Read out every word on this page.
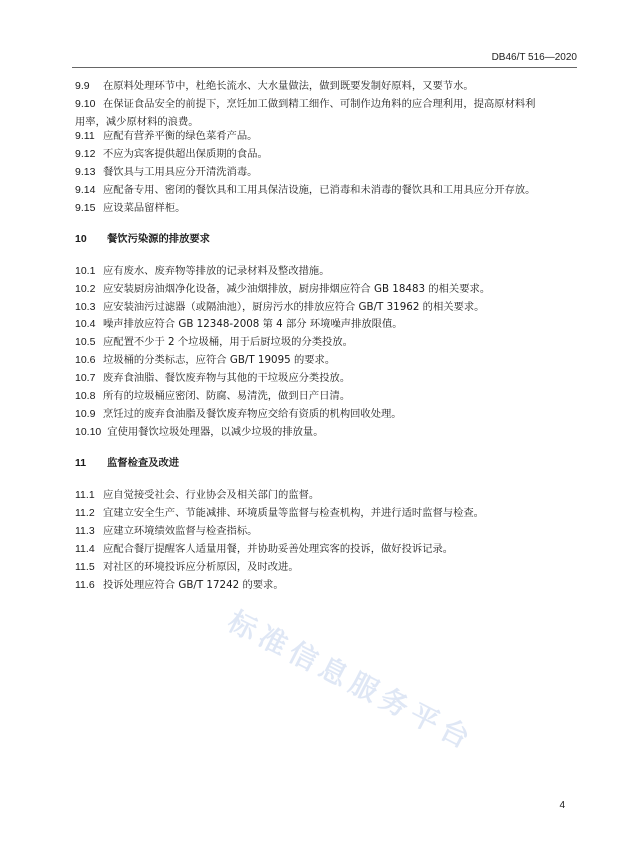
DB46/T 516—2020
9.9 在原料处理环节中，杜绝长流水、大水量做法，做到既要发制好原料，又要节水。
9.10 在保证食品安全的前提下，烹饪加工做到精工细作、可制作边角料的应合理利用，提高原材料利
用率，减少原材料的浪费。
9.11 应配有营养平衡的绿色菜肴产品。
9.12 不应为宾客提供超出保质期的食品。
9.13 餐饮具与工用具应分开清洗消毒。
9.14 应配备专用、密闭的餐饮具和工用具保洁设施，已消毒和未消毒的餐饮具和工用具应分开存放。
9.15 应设菜品留样柜。
10 餐饮污染源的排放要求
10.1 应有废水、废弃物等排放的记录材料及整改措施。
10.2 应安装厨房油烟净化设备，减少油烟排放，厨房排烟应符合 GB 18483 的相关要求。
10.3 应安装油污过滤器（或隔油池），厨房污水的排放应符合 GB/T 31962 的相关要求。
10.4 噪声排放应符合 GB 12348-2008 第 4 部分 环境噪声排放限值。
10.5 应配置不少于 2 个垃圾桶，用于后厨垃圾的分类投放。
10.6 垃圾桶的分类标志，应符合 GB/T 19095 的要求。
10.7 废弃食油脂、餐饮废弃物与其他的干垃圾应分类投放。
10.8 所有的垃圾桶应密闭、防腐、易清洗，做到日产日清。
10.9 烹饪过的废弃食油脂及餐饮废弃物应交给有资质的机构回收处理。
10.10 宜使用餐饮垃圾处理器，以减少垃圾的排放量。
11 监督检查及改进
11.1 应自觉接受社会、行业协会及相关部门的监督。
11.2 宜建立安全生产、节能减排、环境质量等监督与检查机构，并进行适时监督与检查。
11.3 应建立环境绩效监督与检查指标。
11.4 应配合餐厅提醒客人适量用餐，并协助妥善处理宾客的投诉，做好投诉记录。
11.5 对社区的环境投诉应分析原因，及时改进。
11.6 投诉处理应符合 GB/T 17242 的要求。
标准信息服务平台
4
